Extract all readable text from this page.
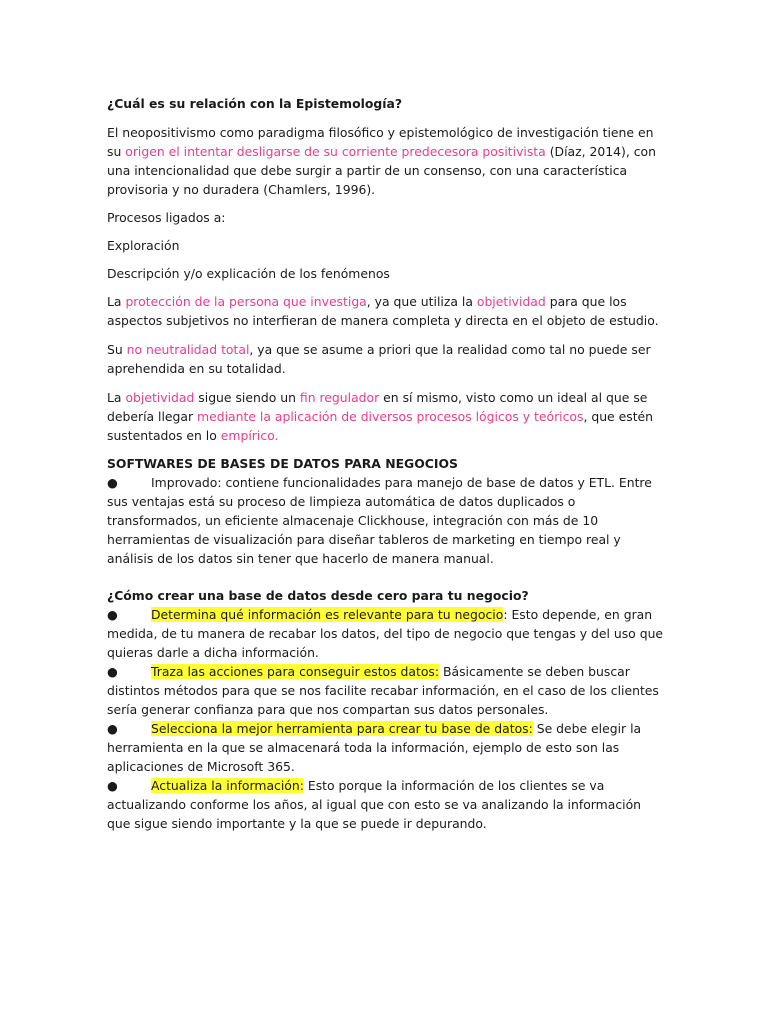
¿Cuál es su relación con la Epistemología?

El neopositivismo como paradigma filosófico y epistemológico de investigación tiene en su origen el intentar desligarse de su corriente predecesora positivista (Díaz, 2014), con una intencionalidad que debe surgir a partir de un consenso, con una característica provisoria y no duradera (Chamlers, 1996).

Procesos ligados a:

Exploración

Descripción y/o explicación de los fenómenos

La protección de la persona que investiga, ya que utiliza la objetividad para que los aspectos subjetivos no interfieran de manera completa y directa en el objeto de estudio.

Su no neutralidad total, ya que se asume a priori que la realidad como tal no puede ser aprehendida en su totalidad.

La objetividad sigue siendo un fin regulador en sí mismo, visto como un ideal al que se debería llegar mediante la aplicación de diversos procesos lógicos y teóricos, que estén sustentados en lo empírico.

SOFTWARES DE BASES DE DATOS PARA NEGOCIOS

●	Improvado: contiene funcionalidades para manejo de base de datos y ETL. Entre sus ventajas está su proceso de limpieza automática de datos duplicados o transformados, un eficiente almacenaje Clickhouse, integración con más de 10 herramientas de visualización para diseñar tableros de marketing en tiempo real y análisis de los datos sin tener que hacerlo de manera manual.

¿Cómo crear una base de datos desde cero para tu negocio?

●	Determina qué información es relevante para tu negocio: Esto depende, en gran medida, de tu manera de recabar los datos, del tipo de negocio que tengas y del uso que quieras darle a dicha información.

●	Traza las acciones para conseguir estos datos: Básicamente se deben buscar distintos métodos para que se nos facilite recabar información, en el caso de los clientes sería generar confianza para que nos compartan sus datos personales.

●	Selecciona la mejor herramienta para crear tu base de datos: Se debe elegir la herramienta en la que se almacenará toda la información, ejemplo de esto son las aplicaciones de Microsoft 365.

●	Actualiza la información: Esto porque la información de los clientes se va actualizando conforme los años, al igual que con esto se va analizando la información que sigue siendo importante y la que se puede ir depurando.
